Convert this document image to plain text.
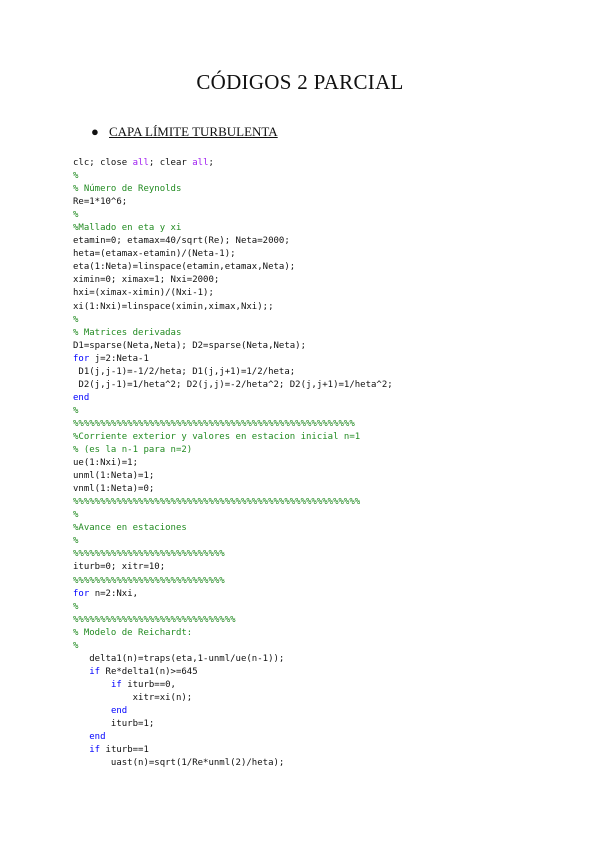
CÓDIGOS 2 PARCIAL
● CAPA LÍMITE TURBULENTA
clc; close all; clear all;
%
% Número de Reynolds
Re=1*10^6;
%
%Mallado en eta y xi
etamin=0; etamax=40/sqrt(Re); Neta=2000;
heta=(etamax-etamin)/(Neta-1);
eta(1:Neta)=linspace(etamin,etamax,Neta);
ximin=0; ximax=1; Nxi=2000;
hxi=(ximax-ximin)/(Nxi-1);
xi(1:Nxi)=linspace(ximin,ximax,Nxi);;
%
% Matrices derivadas
D1=sparse(Neta,Neta); D2=sparse(Neta,Neta);
for j=2:Neta-1
D1(j,j-1)=-1/2/heta; D1(j,j+1)=1/2/heta;
D2(j,j-1)=1/heta^2; D2(j,j)=-2/heta^2; D2(j,j+1)=1/heta^2;
end
%
%%%%%%%%%%%%%%%%%%%%%%%%%%%%%%%%%%%%%%%%%%%%%%%%%%%%
%Corriente exterior y valores en estacion inicial n=1
% (es la n-1 para n=2)
ue(1:Nxi)=1;
unml(1:Neta)=1;
vnml(1:Neta)=0;
%%%%%%%%%%%%%%%%%%%%%%%%%%%%%%%%%%%%%%%%%%%%%%%%%%%%%
%
%Avance en estaciones
%
%%%%%%%%%%%%%%%%%%%%%%%%%%%%
iturb=0; xitr=10;
%%%%%%%%%%%%%%%%%%%%%%%%%%%%
for n=2:Nxi,
%
%%%%%%%%%%%%%%%%%%%%%%%%%%%%%%
% Modelo de Reichardt:
%
delta1(n)=traps(eta,1-unml/ue(n-1));
if Re*delta1(n)>=645
if iturb==0,
xitr=xi(n);
end
iturb=1;
end
if iturb==1
uast(n)=sqrt(1/Re*unml(2)/heta);
